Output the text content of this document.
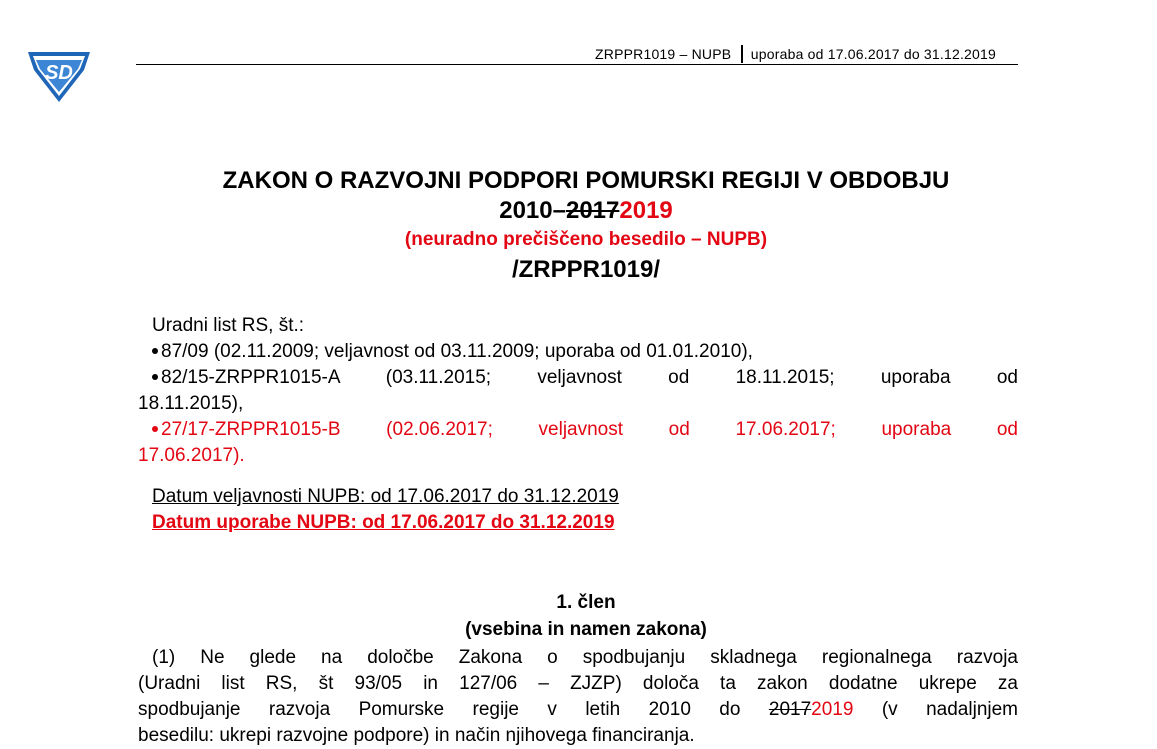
SD
ZRPPR1019 – NUPB uporaba od 17.06.2017 do 31.12.2019
ZAKON O RAZVOJNI PODPORI POMURSKI REGIJI V OBDOBJU
2010–20172019
(neuradno prečiščeno besedilo – NUPB)
/ZRPPR1019/
Uradni list RS, št.:
87/09 (02.11.2009; veljavnost od 03.11.2009; uporaba od 01.01.2010),
82/15-ZRPPR1015-A (03.11.2015; veljavnost od 18.11.2015; uporaba od
18.11.2015),
27/17-ZRPPR1015-B (02.06.2017; veljavnost od 17.06.2017; uporaba od
17.06.2017).
Datum veljavnosti NUPB: od 17.06.2017 do 31.12.2019
Datum uporabe NUPB: od 17.06.2017 do 31.12.2019
1. člen
(vsebina in namen zakona)
(1) Ne glede na določbe Zakona o spodbujanju skladnega regionalnega razvoja
(Uradni list RS, št 93/05 in 127/06 – ZJZP) določa ta zakon dodatne ukrepe za
spodbujanje razvoja Pomurske regije v letih 2010 do 20172019 (v nadaljnjem
besedilu: ukrepi razvojne podpore) in način njihovega financiranja.
